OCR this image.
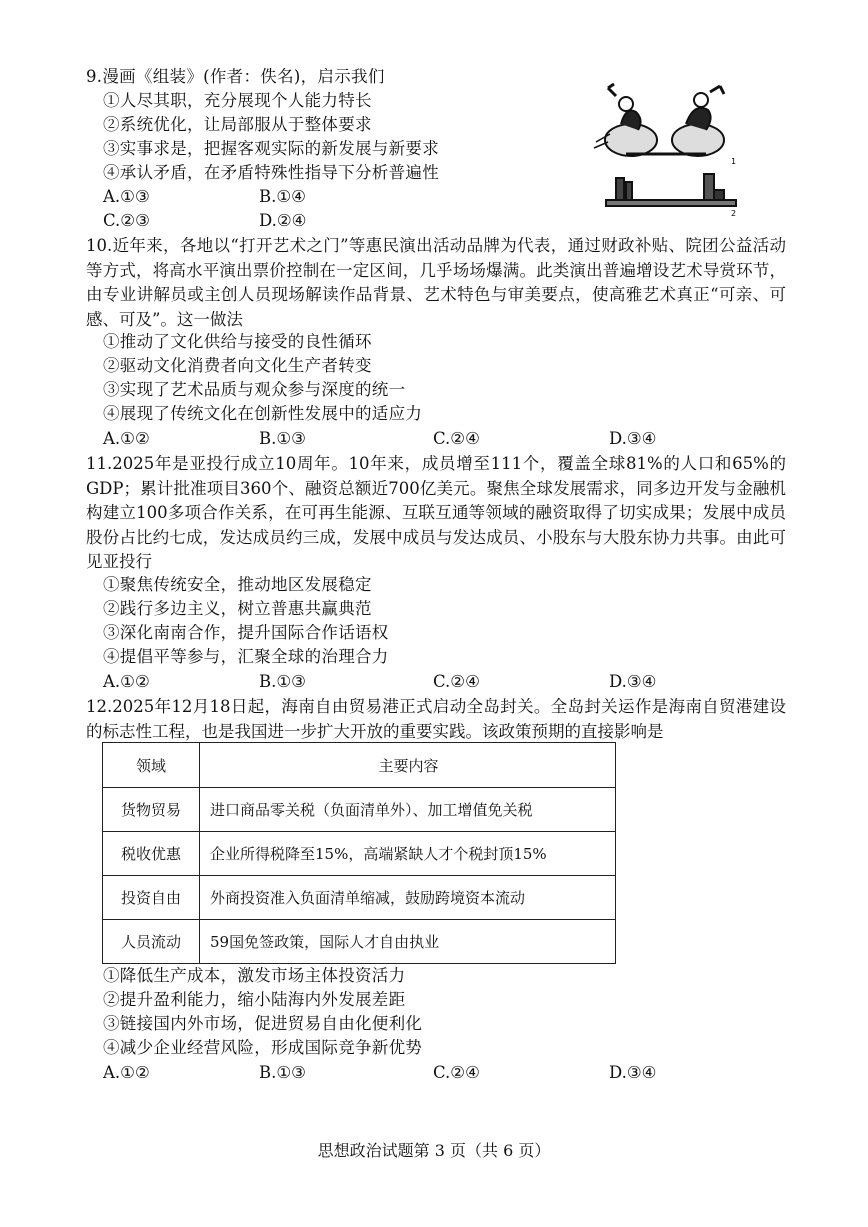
9.漫画《组装》(作者：佚名)，启示我们
①人尽其职，充分展现个人能力特长
②系统优化，让局部服从于整体要求
③实事求是，把握客观实际的新发展与新要求
④承认矛盾，在矛盾特殊性指导下分析普遍性
A.①③	B.①④
C.②③	D.②④
1
2
10.近年来，各地以“打开艺术之门”等惠民演出活动品牌为代表，通过财政补贴、院团公益活动等方式，将高水平演出票价控制在一定区间，几乎场场爆满。此类演出普遍增设艺术导赏环节，由专业讲解员或主创人员现场解读作品背景、艺术特色与审美要点，使高雅艺术真正“可亲、可感、可及”。这一做法
①推动了文化供给与接受的良性循环
②驱动文化消费者向文化生产者转变
③实现了艺术品质与观众参与深度的统一
④展现了传统文化在创新性发展中的适应力
A.①②	B.①③	C.②④	D.③④
11.2025年是亚投行成立10周年。10年来，成员增至111个，覆盖全球81%的人口和65%的GDP；累计批准项目360个、融资总额近700亿美元。聚焦全球发展需求，同多边开发与金融机构建立100多项合作关系，在可再生能源、互联互通等领域的融资取得了切实成果；发展中成员股份占比约七成，发达成员约三成，发展中成员与发达成员、小股东与大股东协力共事。由此可见亚投行
①聚焦传统安全，推动地区发展稳定
②践行多边主义，树立普惠共赢典范
③深化南南合作，提升国际合作话语权
④提倡平等参与，汇聚全球的治理合力
A.①②	B.①③	C.②④	D.③④
12.2025年12月18日起，海南自由贸易港正式启动全岛封关。全岛封关运作是海南自贸港建设的标志性工程，也是我国进一步扩大开放的重要实践。该政策预期的直接影响是
领域	主要内容
货物贸易	进口商品零关税（负面清单外）、加工增值免关税
税收优惠	企业所得税降至15%，高端紧缺人才个税封顶15%
投资自由	外商投资准入负面清单缩减，鼓励跨境资本流动
人员流动	59国免签政策，国际人才自由执业
①降低生产成本，激发市场主体投资活力
②提升盈利能力，缩小陆海内外发展差距
③链接国内外市场，促进贸易自由化便利化
④减少企业经营风险，形成国际竞争新优势
A.①②	B.①③	C.②④	D.③④
思想政治试题第 3 页（共 6 页）
